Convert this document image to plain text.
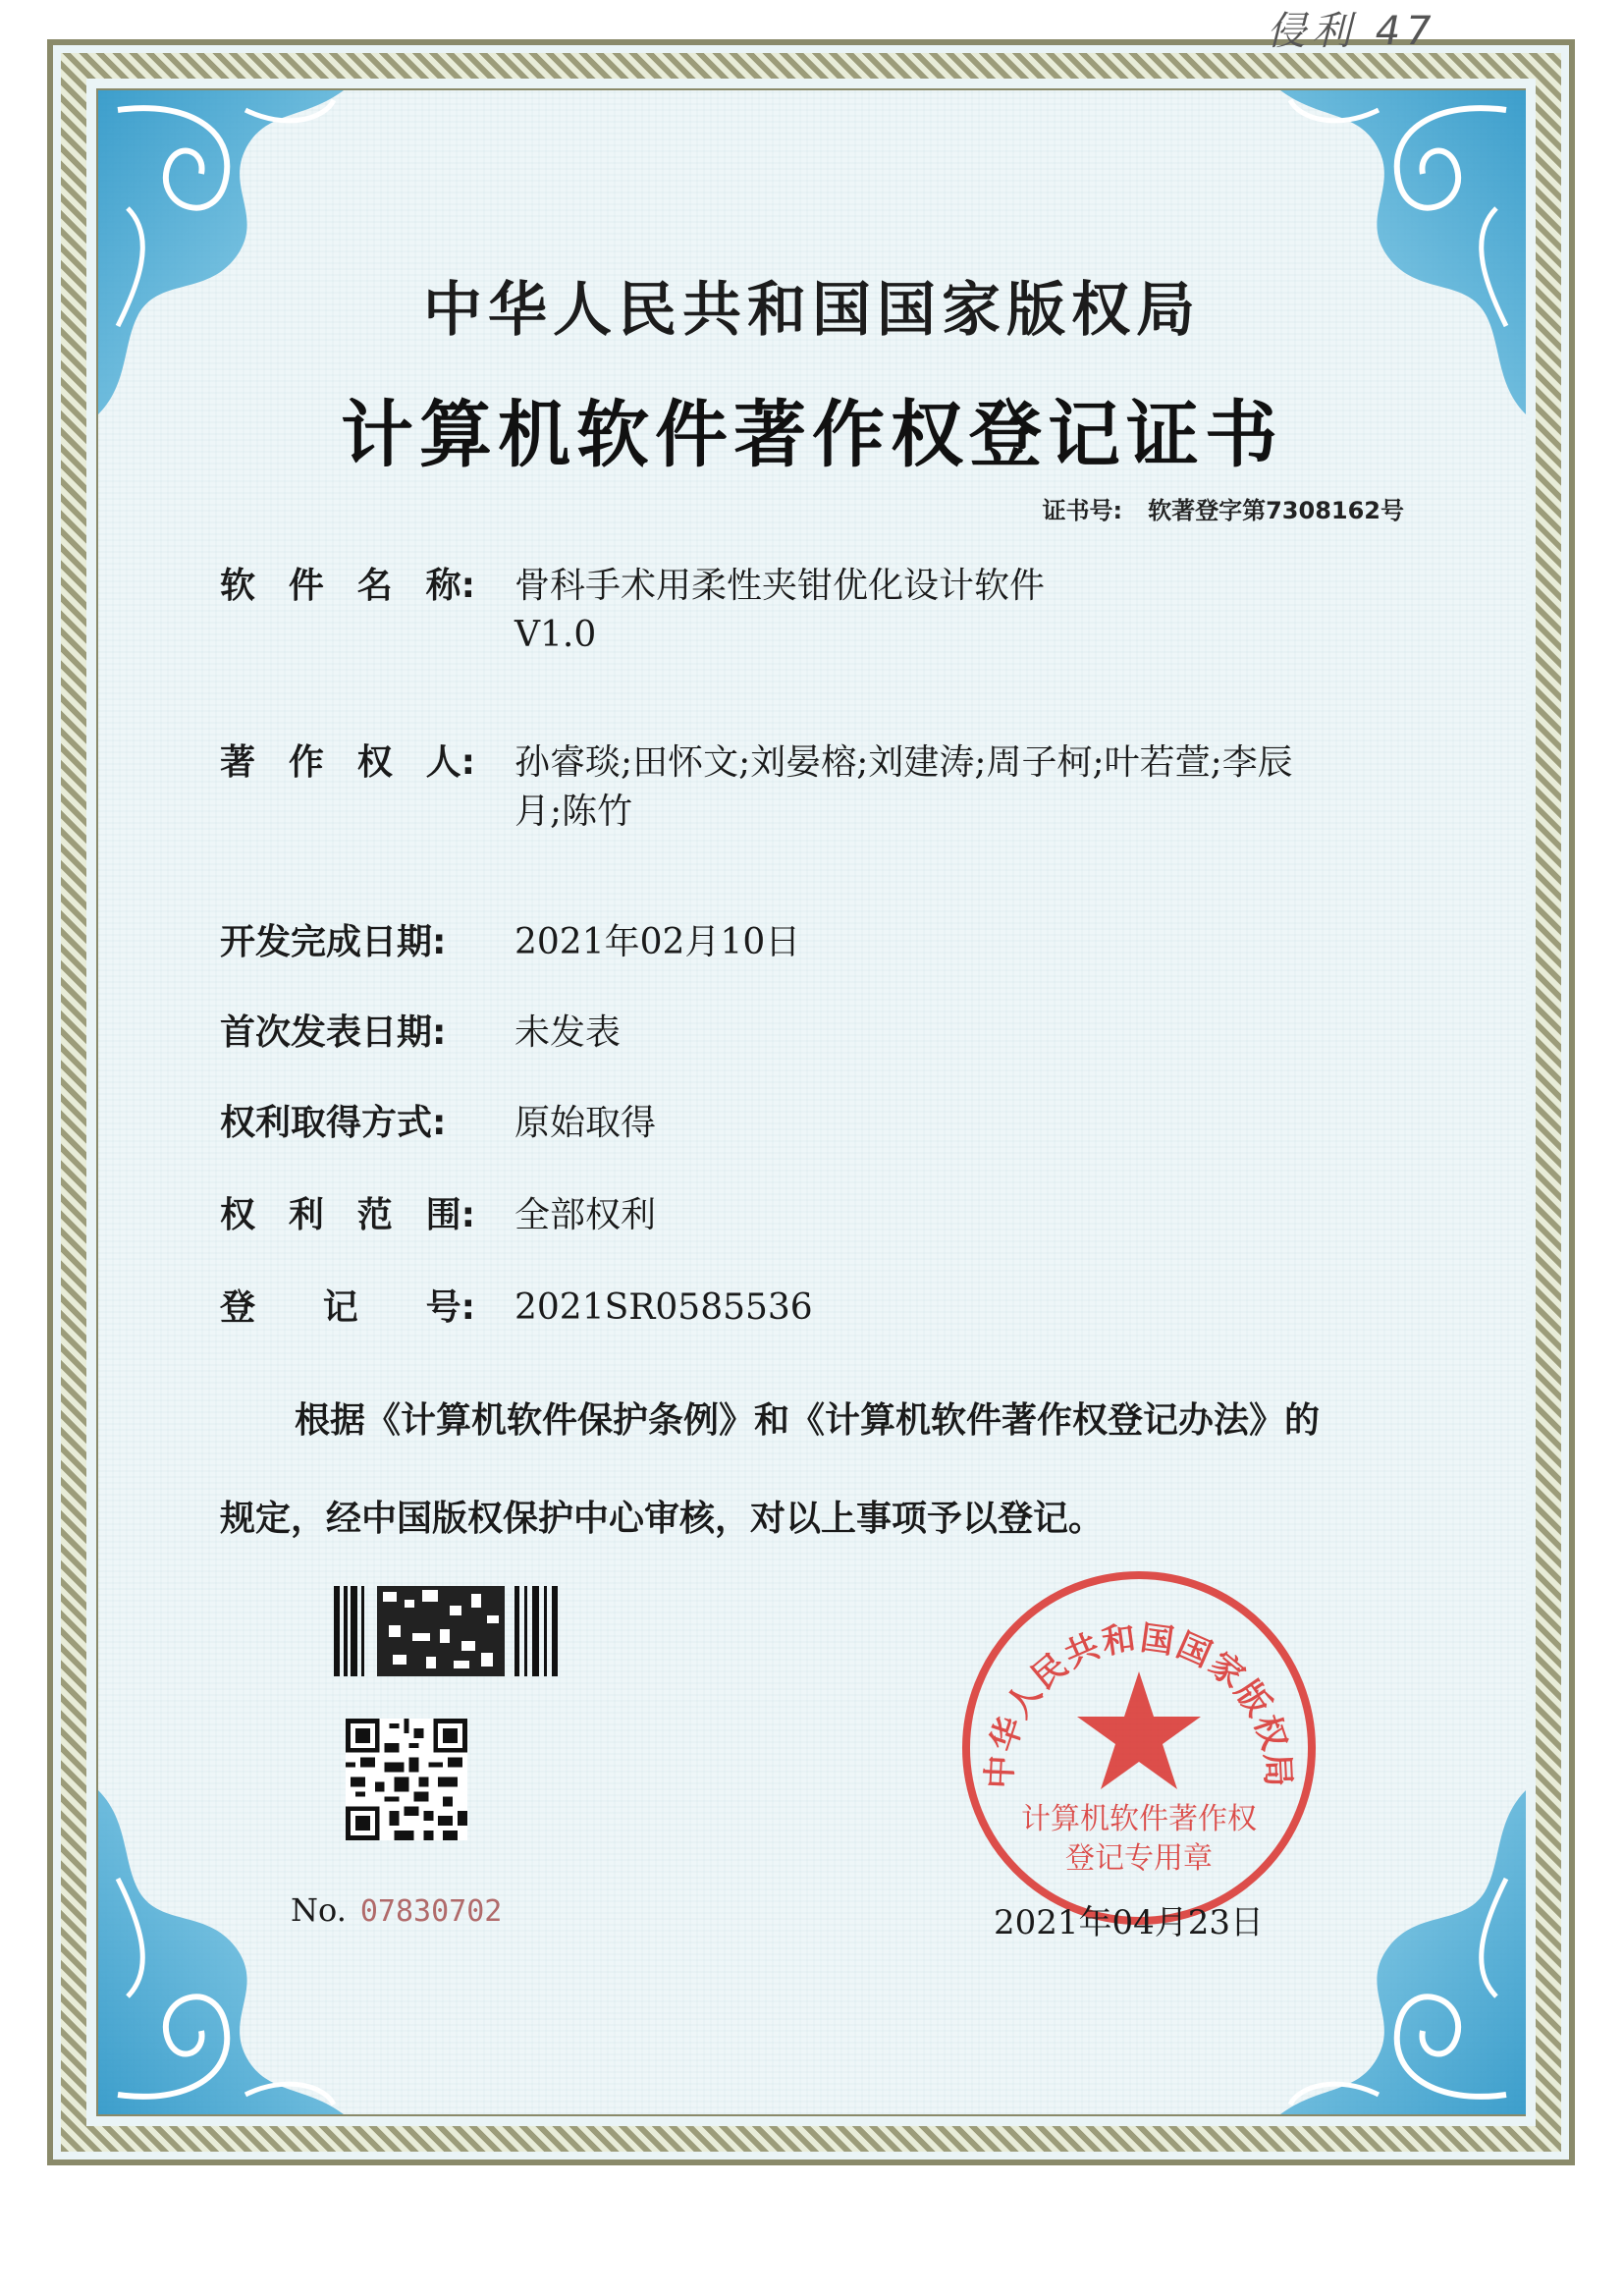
侵利 47
中华人民共和国国家版权局
计算机软件著作权登记证书
证书号: 软著登字第7308162号
软 件 名 称: 骨科手术用柔性夹钳优化设计软件
V1.0
著 作 权 人: 孙睿琰;田怀文;刘晏榕;刘建涛;周子柯;叶若萱;李辰
月;陈竹
开发完成日期: 2021年02月10日
首次发表日期: 未发表
权利取得方式: 原始取得
权 利 范 围: 全部权利
登 记 号: 2021SR0585536
根据《计算机软件保护条例》和《计算机软件著作权登记办法》的
规定，经中国版权保护中心审核，对以上事项予以登记。
No. 07830702
中华人民共和国国家版权局
计算机软件著作权
登记专用章
2021年04月23日
